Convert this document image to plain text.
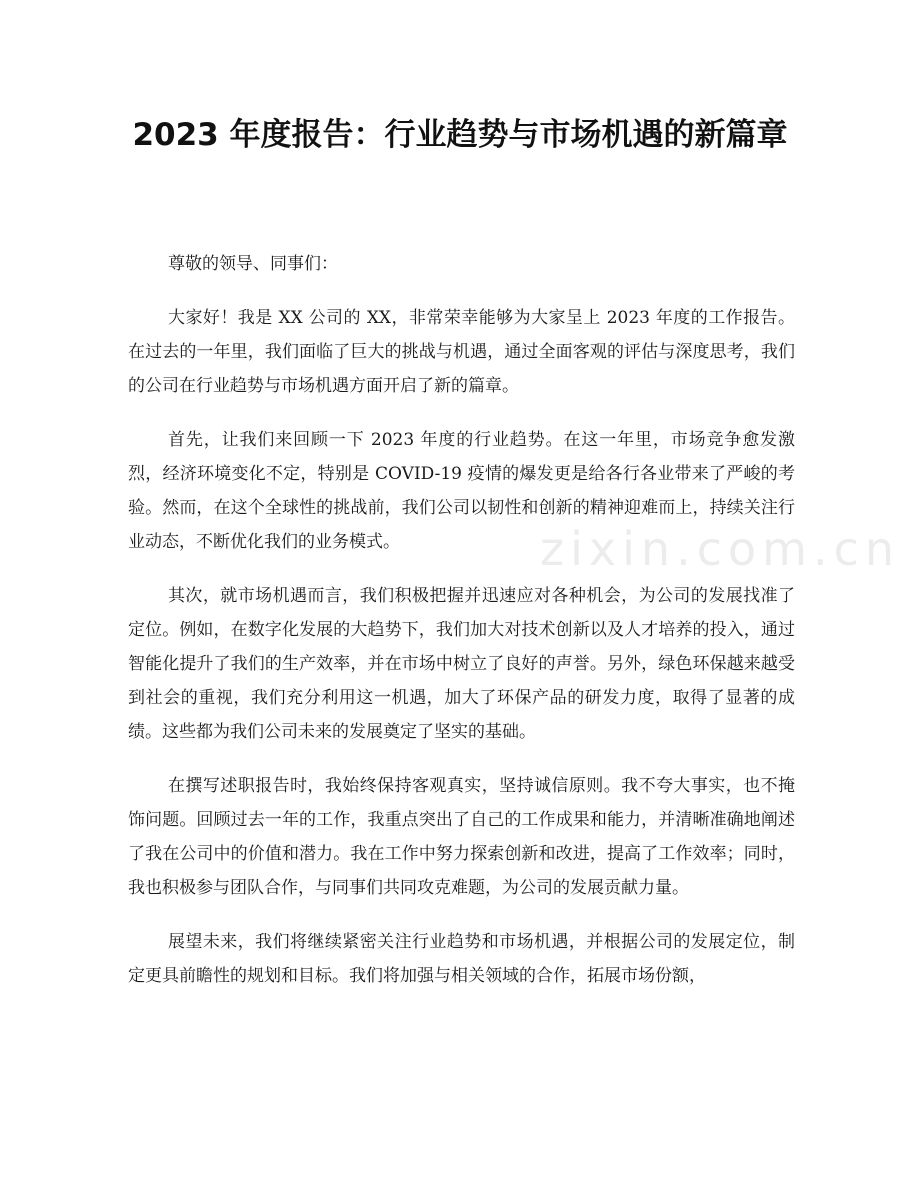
2023 年度报告：行业趋势与市场机遇的新篇章

尊敬的领导、同事们：

大家好！我是 XX 公司的 XX，非常荣幸能够为大家呈上 2023 年度的工作报告。在过去的一年里，我们面临了巨大的挑战与机遇，通过全面客观的评估与深度思考，我们的公司在行业趋势与市场机遇方面开启了新的篇章。

首先，让我们来回顾一下 2023 年度的行业趋势。在这一年里，市场竞争愈发激烈，经济环境变化不定，特别是 COVID-19 疫情的爆发更是给各行各业带来了严峻的考验。然而，在这个全球性的挑战前，我们公司以韧性和创新的精神迎难而上，持续关注行业动态，不断优化我们的业务模式。

其次，就市场机遇而言，我们积极把握并迅速应对各种机会，为公司的发展找准了定位。例如，在数字化发展的大趋势下，我们加大对技术创新以及人才培养的投入，通过智能化提升了我们的生产效率，并在市场中树立了良好的声誉。另外，绿色环保越来越受到社会的重视，我们充分利用这一机遇，加大了环保产品的研发力度，取得了显著的成绩。这些都为我们公司未来的发展奠定了坚实的基础。

在撰写述职报告时，我始终保持客观真实，坚持诚信原则。我不夸大事实，也不掩饰问题。回顾过去一年的工作，我重点突出了自己的工作成果和能力，并清晰准确地阐述了我在公司中的价值和潜力。我在工作中努力探索创新和改进，提高了工作效率；同时，我也积极参与团队合作，与同事们共同攻克难题，为公司的发展贡献力量。

展望未来，我们将继续紧密关注行业趋势和市场机遇，并根据公司的发展定位，制定更具前瞻性的规划和目标。我们将加强与相关领域的合作，拓展市场份额，

zixin.com.cn
